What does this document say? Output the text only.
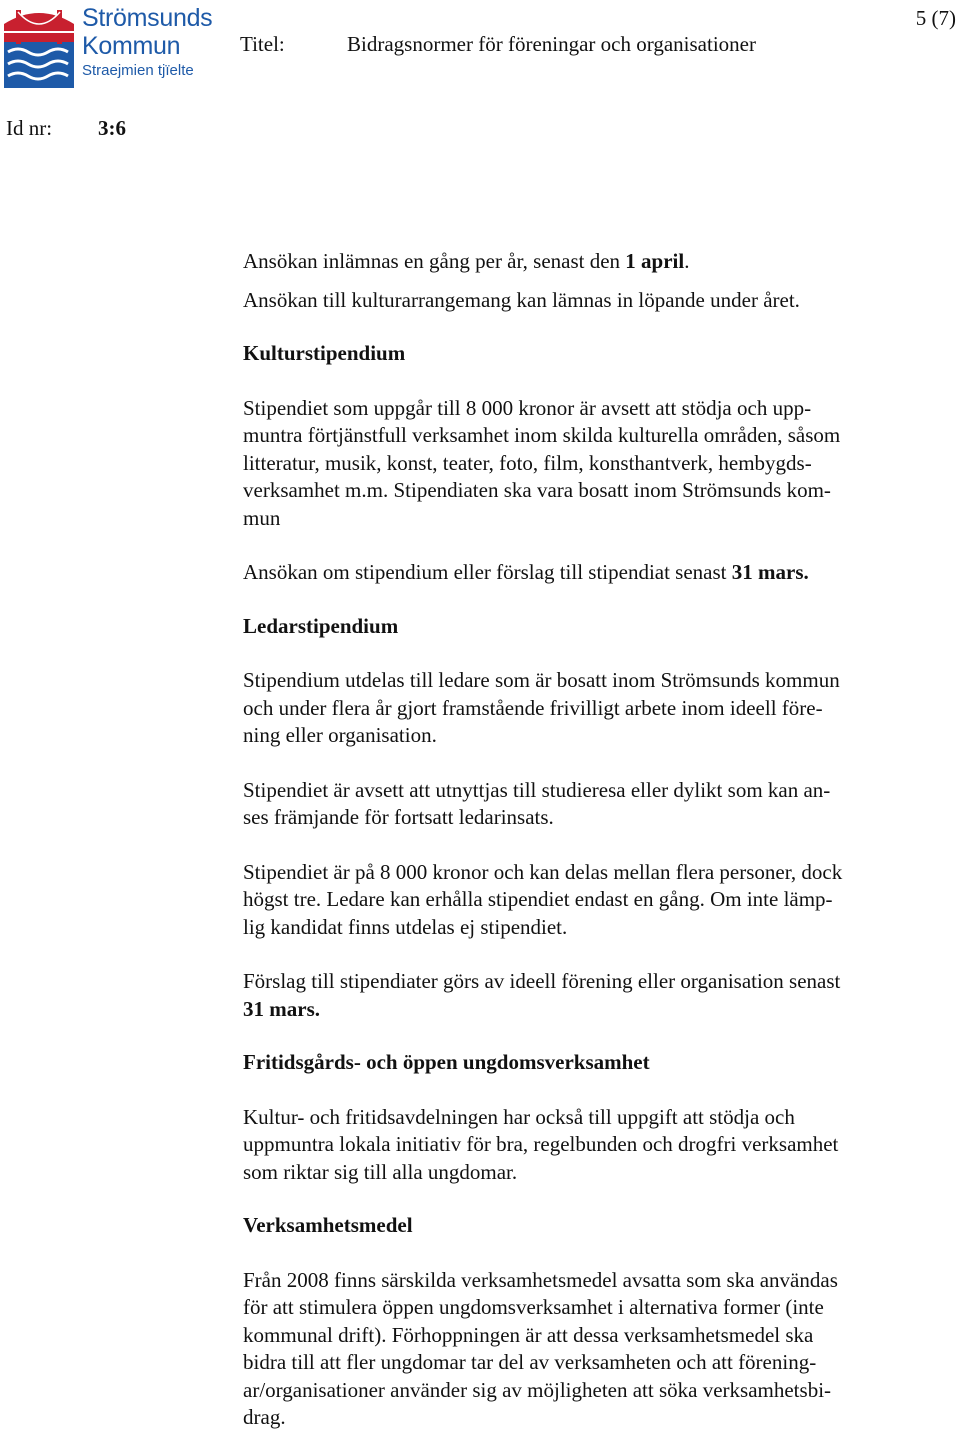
Strömsunds
Kommun
Straejmien tjïelte
Titel:	Bidragsnormer för föreningar och organisationer
5 (7)
Id nr: 3:6

Ansökan inlämnas en gång per år, senast den 1 april.

Ansökan till kulturarrangemang kan lämnas in löpande under året.

Kulturstipendium

Stipendiet som uppgår till 8 000 kronor är avsett att stödja och upp-

muntra förtjänstfull verksamhet inom skilda kulturella områden, såsom

litteratur, musik, konst, teater, foto, film, konsthantverk, hembygds-

verksamhet m.m. Stipendiaten ska vara bosatt inom Strömsunds kom-

mun

Ansökan om stipendium eller förslag till stipendiat senast 31 mars.

Ledarstipendium

Stipendium utdelas till ledare som är bosatt inom Strömsunds kommun

och under flera år gjort framstående frivilligt arbete inom ideell före-

ning eller organisation.

Stipendiet är avsett att utnyttjas till studieresa eller dylikt som kan an-

ses främjande för fortsatt ledarinsats.

Stipendiet är på 8 000 kronor och kan delas mellan flera personer, dock

högst tre. Ledare kan erhålla stipendiet endast en gång. Om inte lämp-

lig kandidat finns utdelas ej stipendiet.

Förslag till stipendiater görs av ideell förening eller organisation senast

31 mars.

Fritidsgårds- och öppen ungdomsverksamhet

Kultur- och fritidsavdelningen har också till uppgift att stödja och

uppmuntra lokala initiativ för bra, regelbunden och drogfri verksamhet

som riktar sig till alla ungdomar.

Verksamhetsmedel

Från 2008 finns särskilda verksamhetsmedel avsatta som ska användas

för att stimulera öppen ungdomsverksamhet i alternativa former (inte

kommunal drift). Förhoppningen är att dessa verksamhetsmedel ska

bidra till att fler ungdomar tar del av verksamheten och att förening-

ar/organisationer använder sig av möjligheten att söka verksamhetsbi-

drag.
